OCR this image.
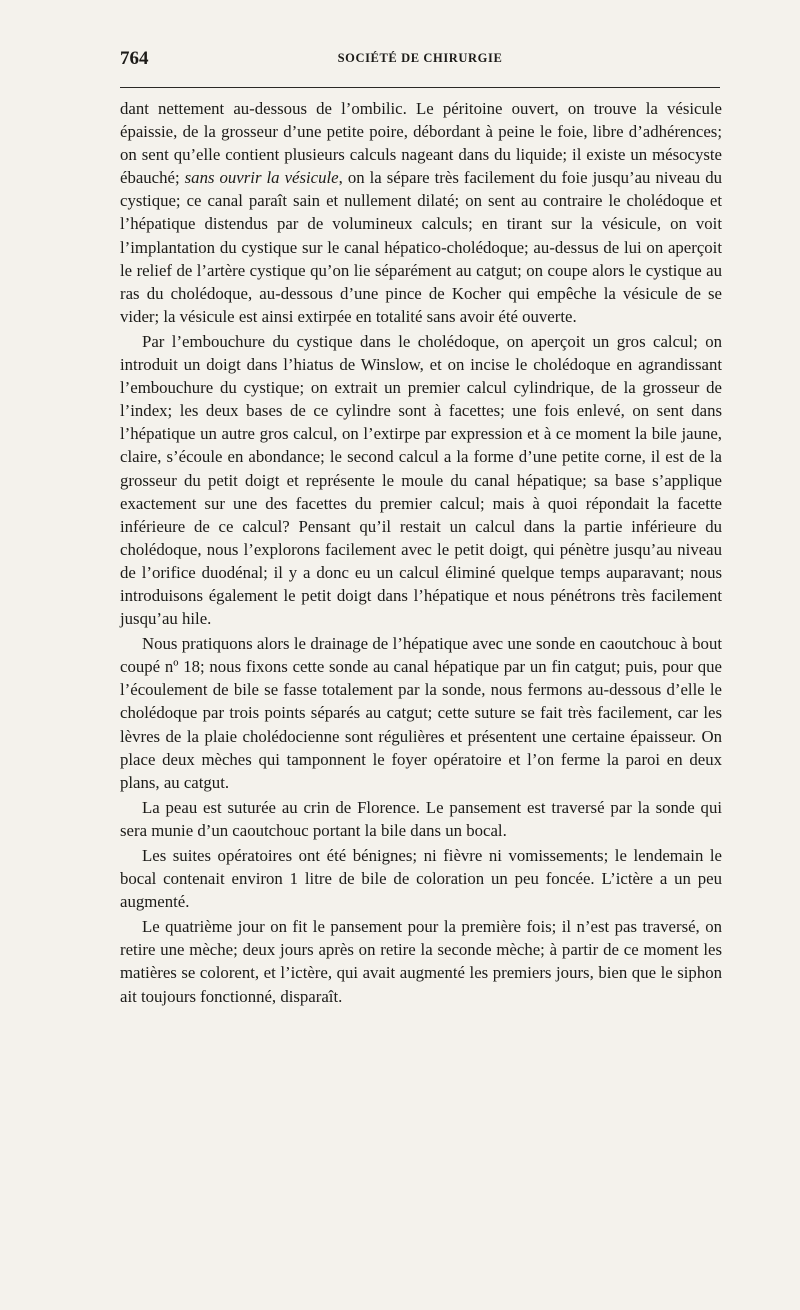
764	SOCIÉTÉ DE CHIRURGIE

dant nettement au-dessous de l’ombilic. Le péritoine ouvert, on trouve la vésicule épaissie, de la grosseur d’une petite poire, débordant à peine le foie, libre d’adhérences; on sent qu’elle contient plusieurs calculs nageant dans du liquide; il existe un mésocyste ébauché; sans ouvrir la vésicule, on la sépare très facilement du foie jusqu’au niveau du cystique; ce canal paraît sain et nullement dilaté; on sent au contraire le cholédoque et l’hépatique distendus par de volumineux calculs; en tirant sur la vésicule, on voit l’implantation du cystique sur le canal hépatico-cholédoque; au-dessus de lui on aperçoit le relief de l’artère cystique qu’on lie séparément au catgut; on coupe alors le cystique au ras du cholédoque, au-dessous d’une pince de Kocher qui empêche la vésicule de se vider; la vésicule est ainsi extirpée en totalité sans avoir été ouverte.

Par l’embouchure du cystique dans le cholédoque, on aperçoit un gros calcul; on introduit un doigt dans l’hiatus de Winslow, et on incise le cholédoque en agrandissant l’embouchure du cystique; on extrait un premier calcul cylindrique, de la grosseur de l’index; les deux bases de ce cylindre sont à facettes; une fois enlevé, on sent dans l’hépatique un autre gros calcul, on l’extirpe par expression et à ce moment la bile jaune, claire, s’écoule en abondance; le second calcul a la forme d’une petite corne, il est de la grosseur du petit doigt et représente le moule du canal hépatique; sa base s’applique exactement sur une des facettes du premier calcul; mais à quoi répondait la facette inférieure de ce calcul? Pensant qu’il restait un calcul dans la partie inférieure du cholédoque, nous l’explorons facilement avec le petit doigt, qui pénètre jusqu’au niveau de l’orifice duodénal; il y a donc eu un calcul éliminé quelque temps auparavant; nous introduisons également le petit doigt dans l’hépatique et nous pénétrons très facilement jusqu’au hile.

Nous pratiquons alors le drainage de l’hépatique avec une sonde en caoutchouc à bout coupé nº 18; nous fixons cette sonde au canal hépatique par un fin catgut; puis, pour que l’écoulement de bile se fasse totalement par la sonde, nous fermons au-dessous d’elle le cholédoque par trois points séparés au catgut; cette suture se fait très facilement, car les lèvres de la plaie cholédocienne sont régulières et présentent une certaine épaisseur. On place deux mèches qui tamponnent le foyer opératoire et l’on ferme la paroi en deux plans, au catgut.

La peau est suturée au crin de Florence. Le pansement est traversé par la sonde qui sera munie d’un caoutchouc portant la bile dans un bocal.

Les suites opératoires ont été bénignes; ni fièvre ni vomissements; le lendemain le bocal contenait environ 1 litre de bile de coloration un peu foncée. L’ictère a un peu augmenté.

Le quatrième jour on fit le pansement pour la première fois; il n’est pas traversé, on retire une mèche; deux jours après on retire la seconde mèche; à partir de ce moment les matières se colorent, et l’ictère, qui avait augmenté les premiers jours, bien que le siphon ait toujours fonctionné, disparaît.
